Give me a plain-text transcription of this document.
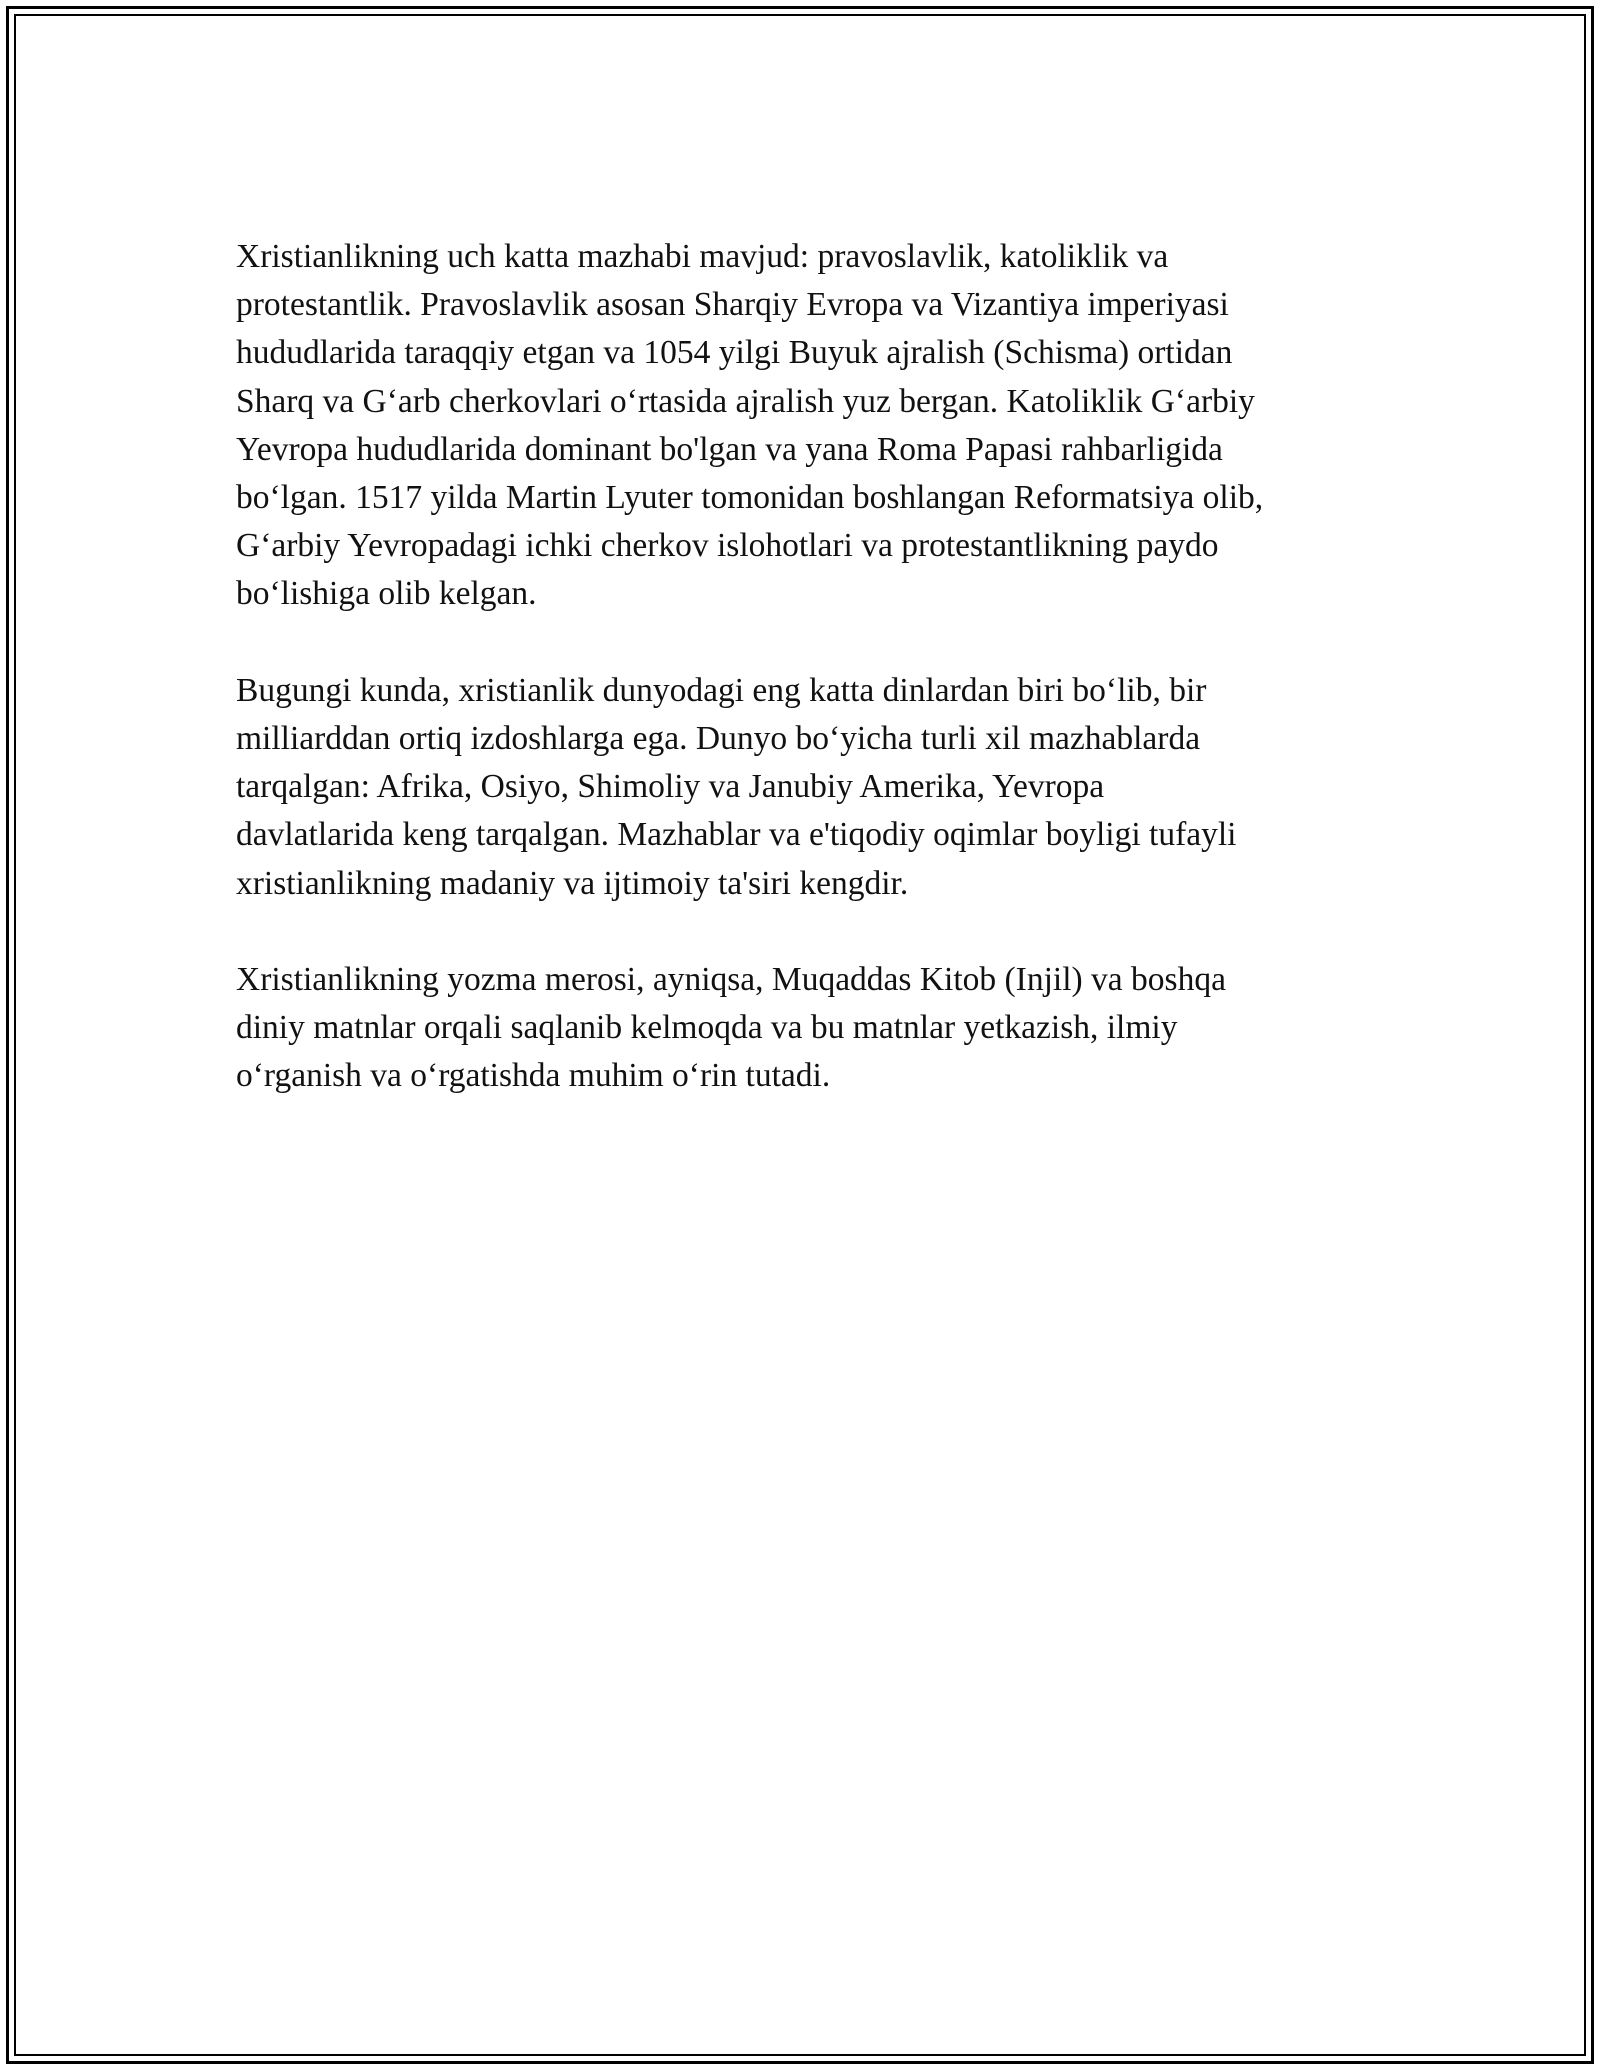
Xristianlikning uch katta mazhabi mavjud: pravoslavlik, katoliklik va
protestantlik. Pravoslavlik asosan Sharqiy Evropa va Vizantiya imperiyasi
hududlarida taraqqiy etgan va 1054 yilgi Buyuk ajralish (Schisma) ortidan
Sharq va G‘arb cherkovlari o‘rtasida ajralish yuz bergan. Katoliklik G‘arbiy
Yevropa hududlarida dominant bo'lgan va yana Roma Papasi rahbarligida
bo‘lgan. 1517 yilda Martin Lyuter tomonidan boshlangan Reformatsiya olib,
G‘arbiy Yevropadagi ichki cherkov islohotlari va protestantlikning paydo
bo‘lishiga olib kelgan.

Bugungi kunda, xristianlik dunyodagi eng katta dinlardan biri bo‘lib, bir
milliarddan ortiq izdoshlarga ega. Dunyo bo‘yicha turli xil mazhablarda
tarqalgan: Afrika, Osiyo, Shimoliy va Janubiy Amerika, Yevropa
davlatlarida keng tarqalgan. Mazhablar va e'tiqodiy oqimlar boyligi tufayli
xristianlikning madaniy va ijtimoiy ta'siri kengdir.

Xristianlikning yozma merosi, ayniqsa, Muqaddas Kitob (Injil) va boshqa
diniy matnlar orqali saqlanib kelmoqda va bu matnlar yetkazish, ilmiy
o‘rganish va o‘rgatishda muhim o‘rin tutadi.
